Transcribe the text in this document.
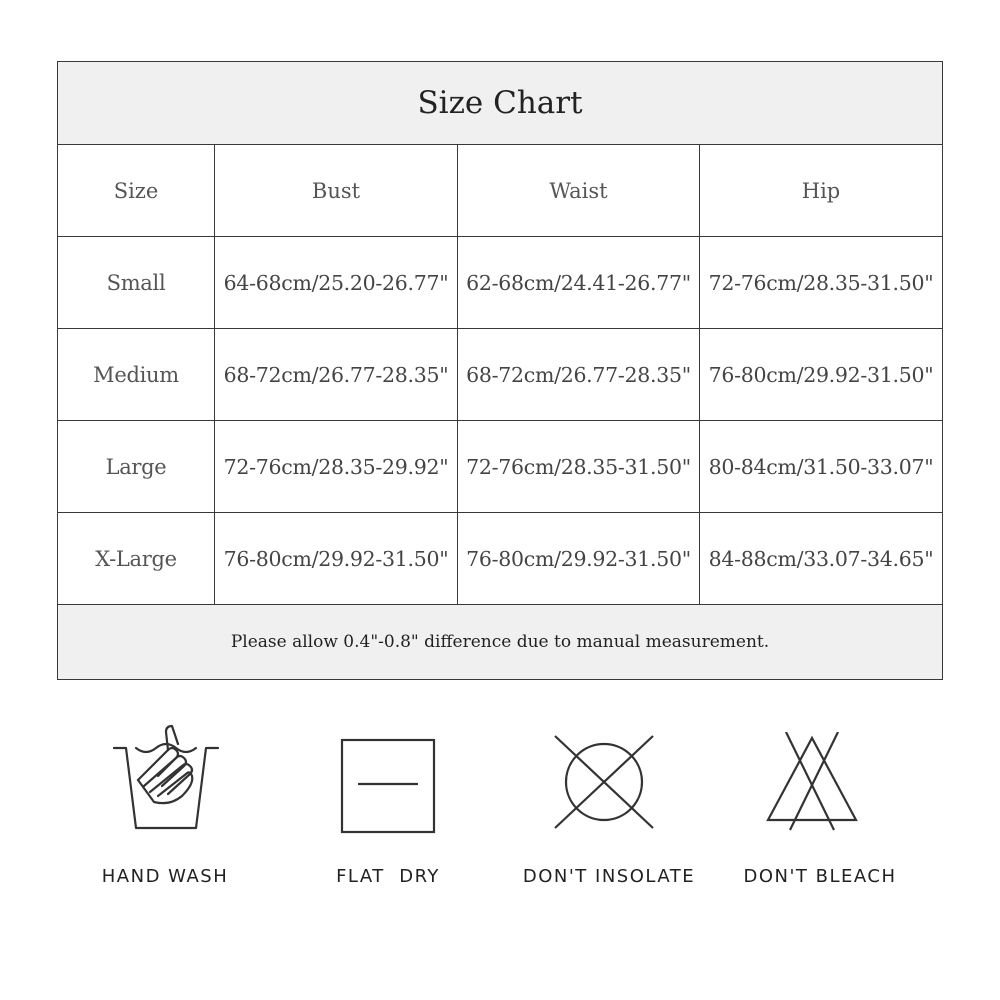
Size Chart			
Size	Bust	Waist	Hip
Small	64-68cm/25.20-26.77"	62-68cm/24.41-26.77"	72-76cm/28.35-31.50"
Medium	68-72cm/26.77-28.35"	68-72cm/26.77-28.35"	76-80cm/29.92-31.50"
Large	72-76cm/28.35-29.92"	72-76cm/28.35-31.50"	80-84cm/31.50-33.07"
X-Large	76-80cm/29.92-31.50"	76-80cm/29.92-31.50"	84-88cm/33.07-34.65"
Please allow 0.4"-0.8" difference due to manual measurement.			
HAND WASH	FLAT  DRY	DON'T INSOLATE	DON'T BLEACH
